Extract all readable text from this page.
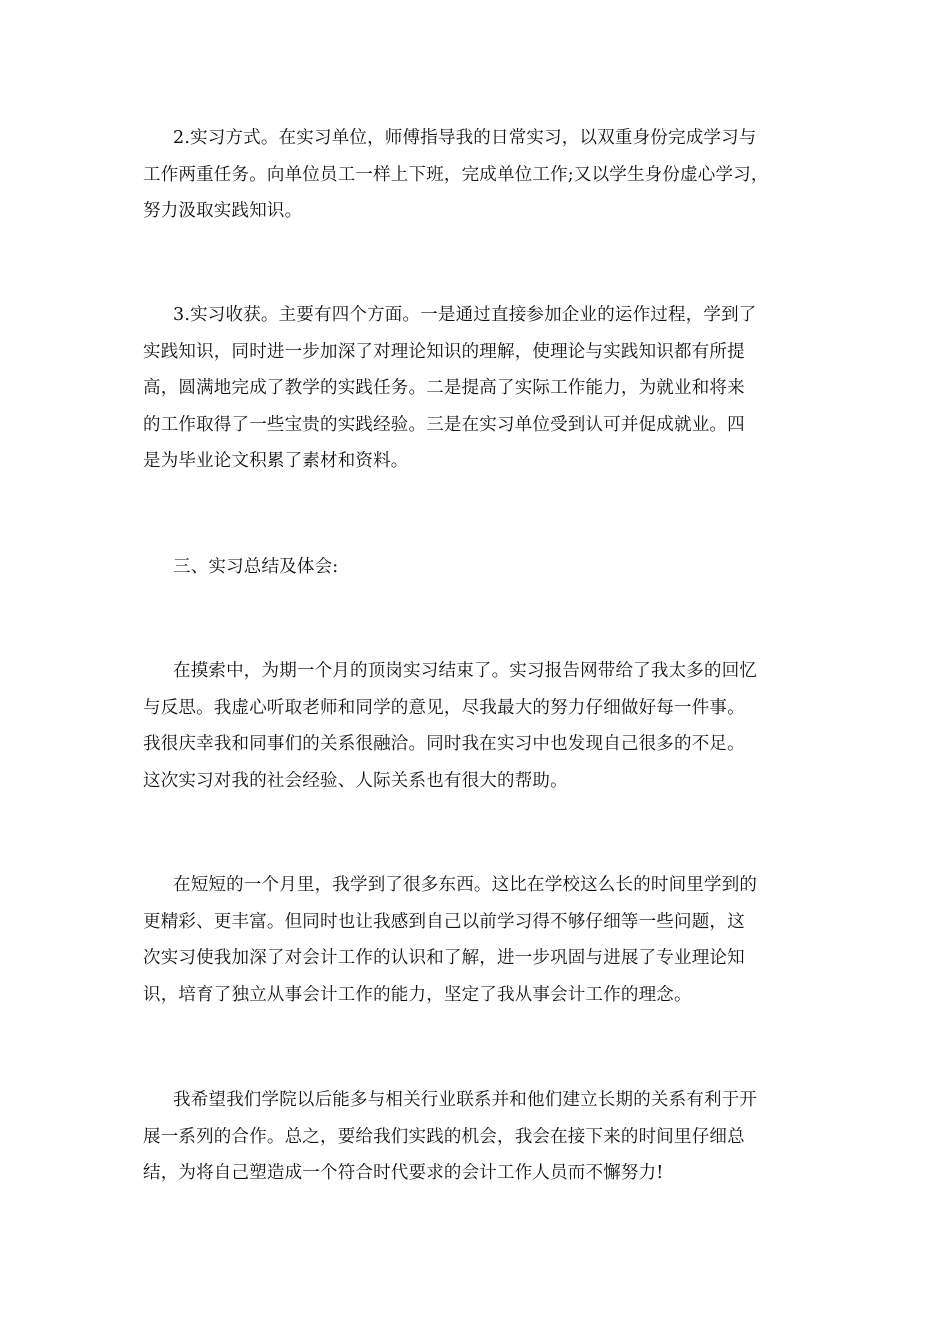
2.实习方式。在实习单位，师傅指导我的日常实习，以双重身份完成学习与
工作两重任务。向单位员工一样上下班，完成单位工作;又以学生身份虚心学习，
努力汲取实践知识。

3.实习收获。主要有四个方面。一是通过直接参加企业的运作过程，学到了
实践知识，同时进一步加深了对理论知识的理解，使理论与实践知识都有所提
高，圆满地完成了教学的实践任务。二是提高了实际工作能力，为就业和将来
的工作取得了一些宝贵的实践经验。三是在实习单位受到认可并促成就业。四
是为毕业论文积累了素材和资料。

三、实习总结及体会:

在摸索中，为期一个月的顶岗实习结束了。实习报告网带给了我太多的回忆
与反思。我虚心听取老师和同学的意见，尽我最大的努力仔细做好每一件事。
我很庆幸我和同事们的关系很融洽。同时我在实习中也发现自己很多的不足。
这次实习对我的社会经验、人际关系也有很大的帮助。

在短短的一个月里，我学到了很多东西。这比在学校这么长的时间里学到的
更精彩、更丰富。但同时也让我感到自己以前学习得不够仔细等一些问题，这
次实习使我加深了对会计工作的认识和了解，进一步巩固与进展了专业理论知
识，培育了独立从事会计工作的能力，坚定了我从事会计工作的理念。

我希望我们学院以后能多与相关行业联系并和他们建立长期的关系有利于开
展一系列的合作。总之，要给我们实践的机会，我会在接下来的时间里仔细总
结，为将自己塑造成一个符合时代要求的会计工作人员而不懈努力!
